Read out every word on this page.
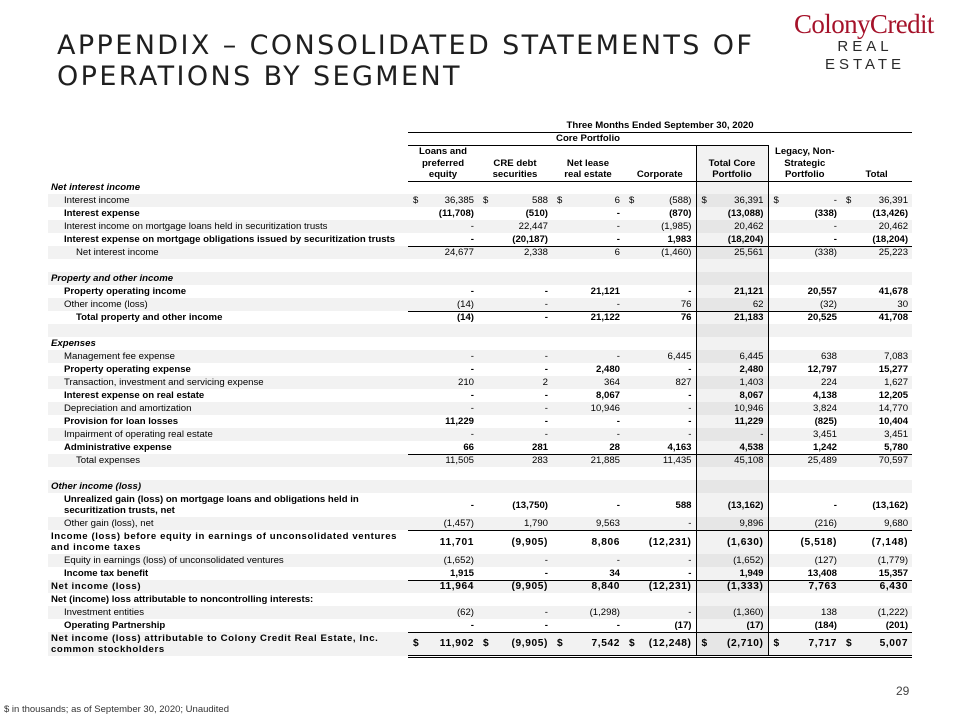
APPENDIX – CONSOLIDATED STATEMENTS OF
OPERATIONS BY SEGMENT
ColonyCredit
REAL ESTATE
	Three Months Ended September 30, 2020						
	Core Portfolio						
	Loans and					Legacy, Non-	
	preferred	CRE debt	Net lease		Total Core	Strategic	
	equity	securities	real estate	Corporate	Portfolio	Portfolio	Total
Net interest income							
Interest income	$ 36,385	$ 588	$ 6	$ (588)	$ 36,391	$ -	$ 36,391
Interest expense	(11,708)	(510)	-	(870)	(13,088)	(338)	(13,426)
Interest income on mortgage loans held in securitization trusts	-	22,447	-	(1,985)	20,462	-	20,462
Interest expense on mortgage obligations issued by securitization trusts	-	(20,187)	-	1,983	(18,204)	-	(18,204)
Net interest income	24,677	2,338	6	(1,460)	25,561	(338)	25,223

Property and other income							
Property operating income	-	-	21,121	-	21,121	20,557	41,678
Other income (loss)	(14)	-	-	76	62	(32)	30
Total property and other income	(14)	-	21,122	76	21,183	20,525	41,708

Expenses							
Management fee expense	-	-	-	6,445	6,445	638	7,083
Property operating expense	-	-	2,480	-	2,480	12,797	15,277
Transaction, investment and servicing expense	210	2	364	827	1,403	224	1,627
Interest expense on real estate	-	-	8,067	-	8,067	4,138	12,205
Depreciation and amortization	-	-	10,946	-	10,946	3,824	14,770
Provision for loan losses	11,229	-	-	-	11,229	(825)	10,404
Impairment of operating real estate	-	-	-	-	-	3,451	3,451
Administrative expense	66	281	28	4,163	4,538	1,242	5,780
Total expenses	11,505	283	21,885	11,435	45,108	25,489	70,597

Other income (loss)							
Unrealized gain (loss) on mortgage loans and obligations held in securitization trusts, net	-	(13,750)	-	588	(13,162)	-	(13,162)
Other gain (loss), net	(1,457)	1,790	9,563	-	9,896	(216)	9,680
Income (loss) before equity in earnings of unconsolidated ventures and income taxes	11,701	(9,905)	8,806	(12,231)	(1,630)	(5,518)	(7,148)
Equity in earnings (loss) of unconsolidated ventures	(1,652)	-	-	-	(1,652)	(127)	(1,779)
Income tax benefit	1,915	-	34	-	1,949	13,408	15,357
Net income (loss)	11,964	(9,905)	8,840	(12,231)	(1,333)	7,763	6,430
Net (income) loss attributable to noncontrolling interests:							
Investment entities	(62)	-	(1,298)	-	(1,360)	138	(1,222)
Operating Partnership	-	-	-	(17)	(17)	(184)	(201)
Net income (loss) attributable to Colony Credit Real Estate, Inc. common stockholders	$ 11,902	$ (9,905)	$ 7,542	$ (12,248)	$ (2,710)	$ 7,717	$ 5,007
29
$ in thousands; as of September 30, 2020; Unaudited
